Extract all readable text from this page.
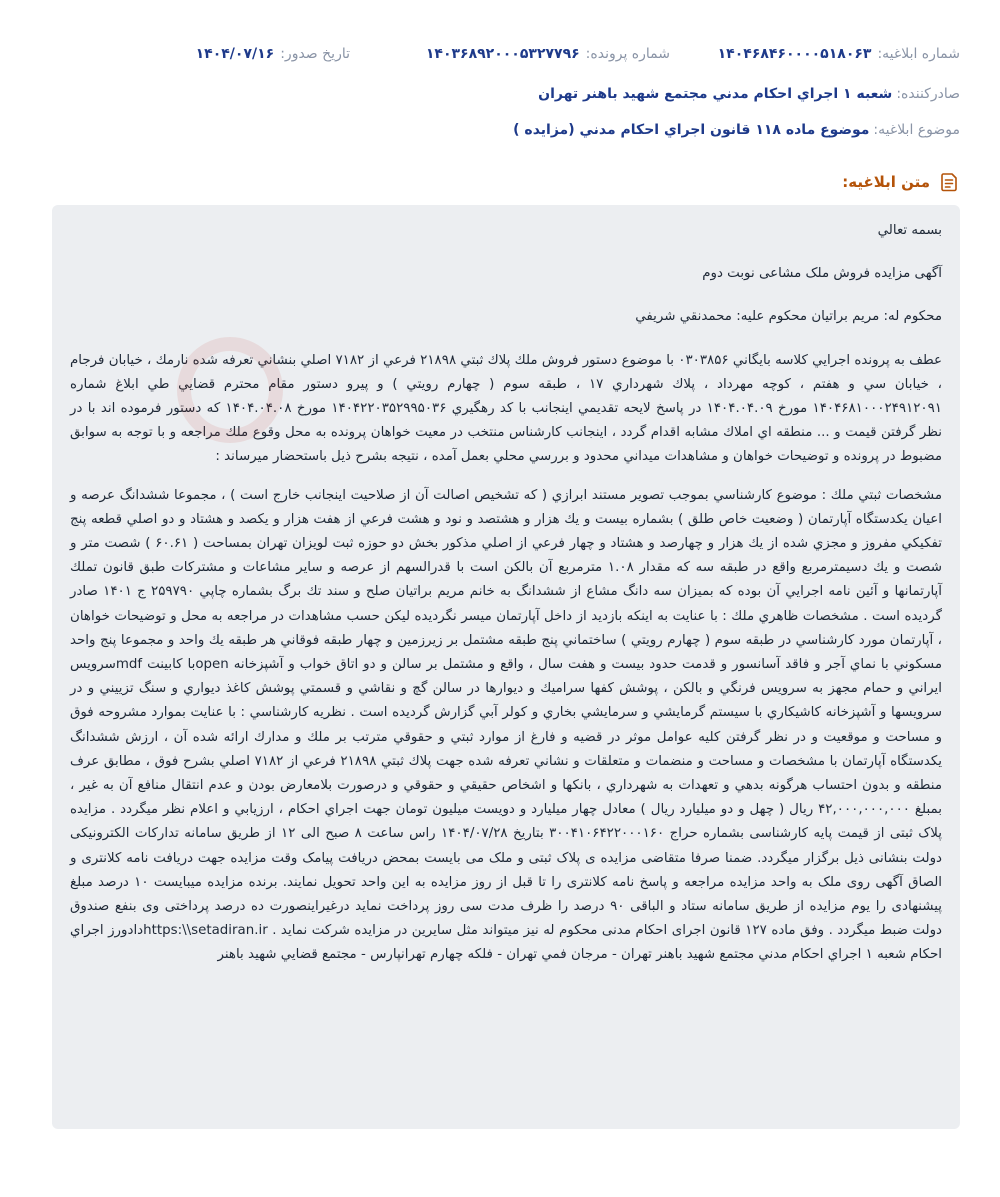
شماره ابلاغيه:
۱۴۰۴۶۸۴۶۰۰۰۰۵۱۸۰۶۳
شماره پرونده:
۱۴۰۳۶۸۹۲۰۰۰۵۳۲۷۷۹۶
تاريخ صدور:
۱۴۰۴/۰۷/۱۶
صادرکننده:
شعبه ۱ اجراي احكام مدني مجتمع شهيد باهنر تهران
موضوع ابلاغيه:
موضوع ماده ۱۱۸ قانون اجراي احكام مدني (مزايده )
متن ابلاغيه:

بسمه تعالي

آگهی مزایده فروش ملک مشاعی نوبت دوم

محكوم له: مريم براتيان محكوم عليه: محمدنقي شريفي

عطف به پرونده اجرايي كلاسه بايگاني ۰۳۰۳۸۵۶ با موضوع دستور فروش ملك پلاك ثبتي ۲۱۸۹۸ فرعي از ۷۱۸۲ اصلي بنشاني تعرفه شده نارمك ، خيابان فرجام ، خيابان سي و هفتم ، كوچه مهرداد ، پلاك شهرداري ۱۷ ، طبقه سوم ( چهارم رويتي ) و پيرو دستور مقام محترم قضايي طي ابلاغ شماره ۱۴۰۴۶۸۱۰۰۰۲۴۹۱۲۰۹۱ مورخ ۱۴۰۴.۰۴.۰۹ در پاسخ لايحه تقديمي اينجانب با كد رهگيري ۱۴۰۴۲۲۰۳۵۲۹۹۵۰۳۶ مورخ ۱۴۰۴.۰۴.۰۸ كه دستور فرموده اند با در نظر گرفتن قيمت و ... منطقه اي املاك مشابه اقدام گردد ، اينجانب كارشناس منتخب در معيت خواهان پرونده به محل وقوع ملك مراجعه و با توجه به سوابق مضبوط در پرونده و توضيحات خواهان و مشاهدات ميداني محدود و بررسي محلي بعمل آمده ، نتيجه بشرح ذيل باستحضار ميرساند :

مشخصات ثبتي ملك : موضوع كارشناسي بموجب تصوير مستند ابرازي ( كه تشخيص اصالت آن از صلاحيت اينجانب خارج است ) ، مجموعا ششدانگ عرصه و اعيان يكدستگاه آپارتمان ( وضعيت خاص طلق ) بشماره بيست و يك هزار و هشتصد و نود و هشت فرعي از هفت هزار و يكصد و هشتاد و دو اصلي قطعه پنج تفكيكي مفروز و مجزي شده از يك هزار و چهارصد و هشتاد و چهار فرعي از اصلي مذكور بخش دو حوزه ثبت لويزان تهران بمساحت ( ۶۰.۶۱ ) شصت متر و شصت و يك دسيمترمربع واقع در طبقه سه كه مقدار ۱.۰۸ مترمربع آن بالكن است با قدرالسهم از عرصه و ساير مشاعات و مشتركات طبق قانون تملك آپارتمانها و آئين نامه اجرايي آن بوده كه بميزان سه دانگ مشاع از ششدانگ به خانم مريم براتيان صلح و سند تك برگ بشماره چاپي ۲۵۹۷۹۰ ج ۱۴۰۱ صادر گرديده است . مشخصات ظاهري ملك : با عنايت به اينكه بازديد از داخل آپارتمان ميسر نگرديده ليكن حسب مشاهدات در مراجعه به محل و توضيحات خواهان ، آپارتمان مورد كارشناسي در طبقه سوم ( چهارم رويتي ) ساختماني پنج طبقه مشتمل بر زيرزمين و چهار طبقه فوقاني هر طبقه يك واحد و مجموعا پنج واحد مسكوني با نماي آجر و فاقد آسانسور و قدمت حدود بيست و هفت سال ، واقع و مشتمل بر سالن و دو اتاق خواب و آشپزخانه openبا كابينت mdfسرويس ايراني و حمام مجهز به سرويس فرنگي و بالكن ، پوشش كفها سراميك و ديوارها در سالن گچ و نقاشي و قسمتي پوشش كاغذ ديواري و سنگ تزييني و در سرويسها و آشپزخانه كاشيكاري با سيستم گرمايشي و سرمايشي بخاري و كولر آبي گزارش گرديده است . نظريه كارشناسي : با عنايت بموارد مشروحه فوق و مساحت و موقعيت و در نظر گرفتن كليه عوامل موثر در قضيه و فارغ از موارد ثبتي و حقوقي مترتب بر ملك و مدارك ارائه شده آن ، ارزش ششدانگ يكدستگاه آپارتمان با مشخصات و مساحت و منضمات و متعلقات و نشاني تعرفه شده جهت پلاك ثبتي ۲۱۸۹۸ فرعي از ۷۱۸۲ اصلي بشرح فوق ، مطابق عرف منطقه و بدون احتساب هرگونه بدهي و تعهدات به شهرداري ، بانكها و اشخاص حقيقي و حقوقي و درصورت بلامعارض بودن و عدم انتقال منافع آن به غير ، بمبلغ ۴۲,۰۰۰,۰۰۰,۰۰۰ ريال ( چهل و دو ميليارد ريال ) معادل چهار ميليارد و دويست ميليون تومان جهت اجراي احكام ، ارزيابي و اعلام نظر ميگردد . مزايده پلاک ثبتی از قیمت پایه کارشناسی بشماره حراج ۳۰۰۴۱۰۶۴۲۲۰۰۰۱۶۰ بتاریخ ۱۴۰۴/۰۷/۲۸ راس ساعت ۸ صبح الی ۱۲ از طریق سامانه تدارکات الکترونیکی دولت بنشانی ذیل برگزار میگردد. ضمنا صرفا متقاضی مزایده ی پلاک ثبتی و ملک می بایست بمحض دریافت پیامک وقت مزایده جهت دریافت نامه کلانتری و الصاق آگهی روی ملک به واحد مزایده مراجعه و پاسخ نامه کلانتری را تا قبل از روز مزایده به این واحد تحویل نمایند. برنده مزایده میبایست ۱۰ درصد مبلغ پیشنهادی را یوم مزایده از طریق سامانه ستاد و الباقی ۹۰ درصد را ظرف مدت سی روز پرداخت نماید درغیراینصورت ده درصد پرداختی وی بنفع صندوق دولت ضبط میگردد . وفق ماده ۱۲۷ قانون اجرای احکام مدنی محکوم له نیز میتواند مثل سایرین در مزایده شرکت نماید . https:\\setadiran.irدادورز اجراي احكام شعبه ۱ اجراي احكام مدني مجتمع شهيد باهنر تهران - مرجان فمي تهران - فلكه چهارم تهرانپارس - مجتمع قضايي شهيد باهنر
